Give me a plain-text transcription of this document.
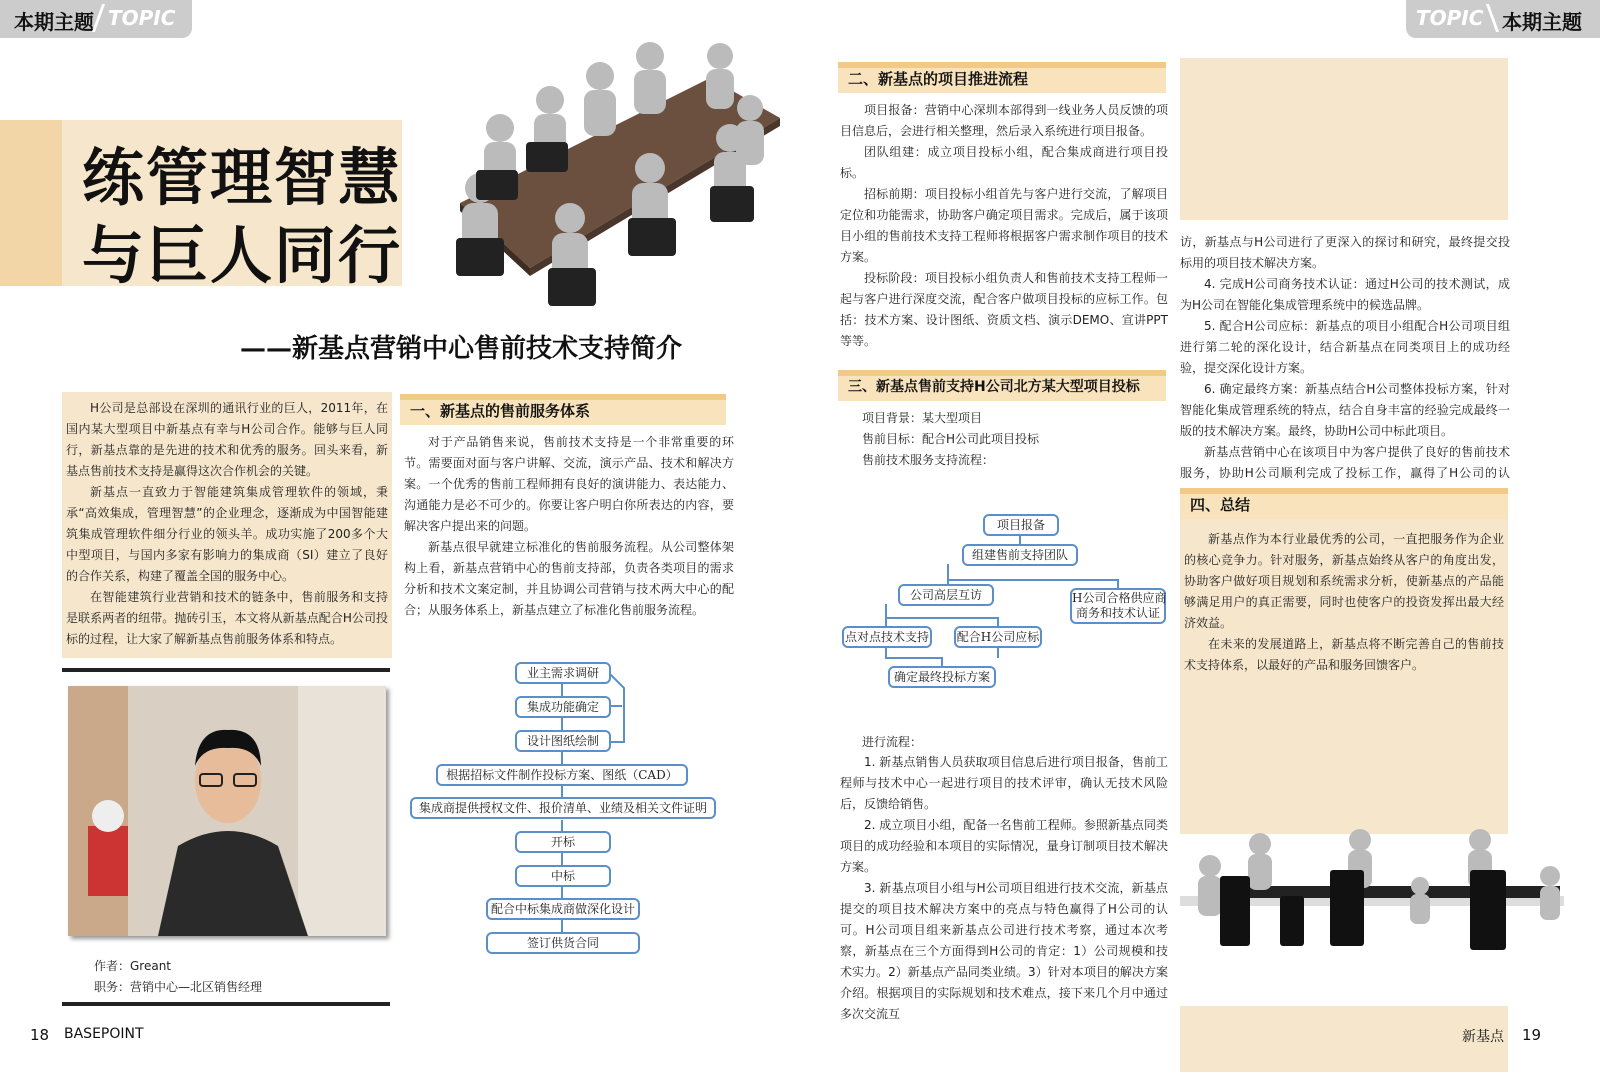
本期主题 TOPIC	TOPIC 本期主题
练管理智慧
与巨人同行
——新基点营销中心售前技术支持简介

H公司是总部设在深圳的通讯行业的巨人，2011年，在国内某大型项目中新基点有幸与H公司合作。能够与巨人同行，新基点靠的是先进的技术和优秀的服务。回头来看，新基点售前技术支持是赢得这次合作机会的关键。

新基点一直致力于智能建筑集成管理软件的领域，秉承“高效集成，管理智慧”的企业理念，逐渐成为中国智能建筑集成管理软件细分行业的领头羊。成功实施了200多个大中型项目，与国内多家有影响力的集成商（SI）建立了良好的合作关系，构建了覆盖全国的服务中心。

在智能建筑行业营销和技术的链条中，售前服务和支持是联系两者的纽带。抛砖引玉，本文将从新基点配合H公司投标的过程，让大家了解新基点售前服务体系和特点。

作者：Greant
职务：营销中心—北区销售经理
18 BASEPOINT
一、新基点的售前服务体系

对于产品销售来说，售前技术支持是一个非常重要的环节。需要面对面与客户讲解、交流，演示产品、技术和解决方案。一个优秀的售前工程师拥有良好的演讲能力、表达能力、沟通能力是必不可少的。你要让客户明白你所表达的内容，要解决客户提出来的问题。

新基点很早就建立标准化的售前服务流程。从公司整体架构上看，新基点营销中心的售前支持部，负责各类项目的需求分析和技术文案定制，并且协调公司营销与技术两大中心的配合；从服务体系上，新基点建立了标准化售前服务流程。

业主需求调研
集成功能确定
设计图纸绘制
根据招标文件制作投标方案、图纸（CAD）
集成商提供授权文件、报价清单、业绩及相关文件证明
开标
中标
配合中标集成商做深化设计
签订供货合同
二、新基点的项目推进流程

项目报备：营销中心深圳本部得到一线业务人员反馈的项目信息后，会进行相关整理，然后录入系统进行项目报备。

团队组建：成立项目投标小组，配合集成商进行项目投标。

招标前期：项目投标小组首先与客户进行交流，了解项目定位和功能需求，协助客户确定项目需求。完成后，属于该项目小组的售前技术支持工程师将根据客户需求制作项目的技术方案。

投标阶段：项目投标小组负责人和售前技术支持工程师一起与客户进行深度交流，配合客户做项目投标的应标工作。包括：技术方案、设计图纸、资质文档、演示DEMO、宣讲PPT等等。

三、新基点售前支持H公司北方某大型项目投标
项目背景：某大型项目
售前目标：配合H公司此项目投标
售前技术服务支持流程：
项目报备
组建售前支持团队
公司高层互访	H公司合格供应商
商务和技术认证
点对点技术支持 配合H公司应标
确定最终投标方案
进行流程：

1. 新基点销售人员获取项目信息后进行项目报备，售前工程师与技术中心一起进行项目的技术评审，确认无技术风险后，反馈给销售。

2. 成立项目小组，配备一名售前工程师。参照新基点同类项目的成功经验和本项目的实际情况，量身订制项目技术解决方案。

3. 新基点项目小组与H公司项目组进行技术交流，新基点提交的项目技术解决方案中的亮点与特色赢得了H公司的认可。H公司项目组来新基点公司进行技术考察，通过本次考察，新基点在三个方面得到H公司的肯定：1）公司规模和技术实力。2）新基点产品同类业绩。3）针对本项目的解决方案介绍。根据项目的实际规划和技术难点，接下来几个月中通过多次交流互

访，新基点与H公司进行了更深入的探讨和研究，最终提交投标用的项目技术解决方案。

4. 完成H公司商务技术认证：通过H公司的技术测试，成为H公司在智能化集成管理系统中的候选品牌。

5. 配合H公司应标：新基点的项目小组配合H公司项目组进行第二轮的深化设计，结合新基点在同类项目上的成功经验，提交深化设计方案。

6. 确定最终方案：新基点结合H公司整体投标方案，针对智能化集成管理系统的特点，结合自身丰富的经验完成最终一版的技术解决方案。最终，协助H公司中标此项目。

新基点营销中心在该项目中为客户提供了良好的售前技术服务，协助H公司顺利完成了投标工作，赢得了H公司的认

四、总结

新基点作为本行业最优秀的公司，一直把服务作为企业的核心竞争力。针对服务，新基点始终从客户的角度出发，协助客户做好项目规划和系统需求分析，使新基点的产品能够满足用户的真正需要，同时也使客户的投资发挥出最大经济效益。

在未来的发展道路上，新基点将不断完善自己的售前技术支持体系，以最好的产品和服务回馈客户。

新基点 19
